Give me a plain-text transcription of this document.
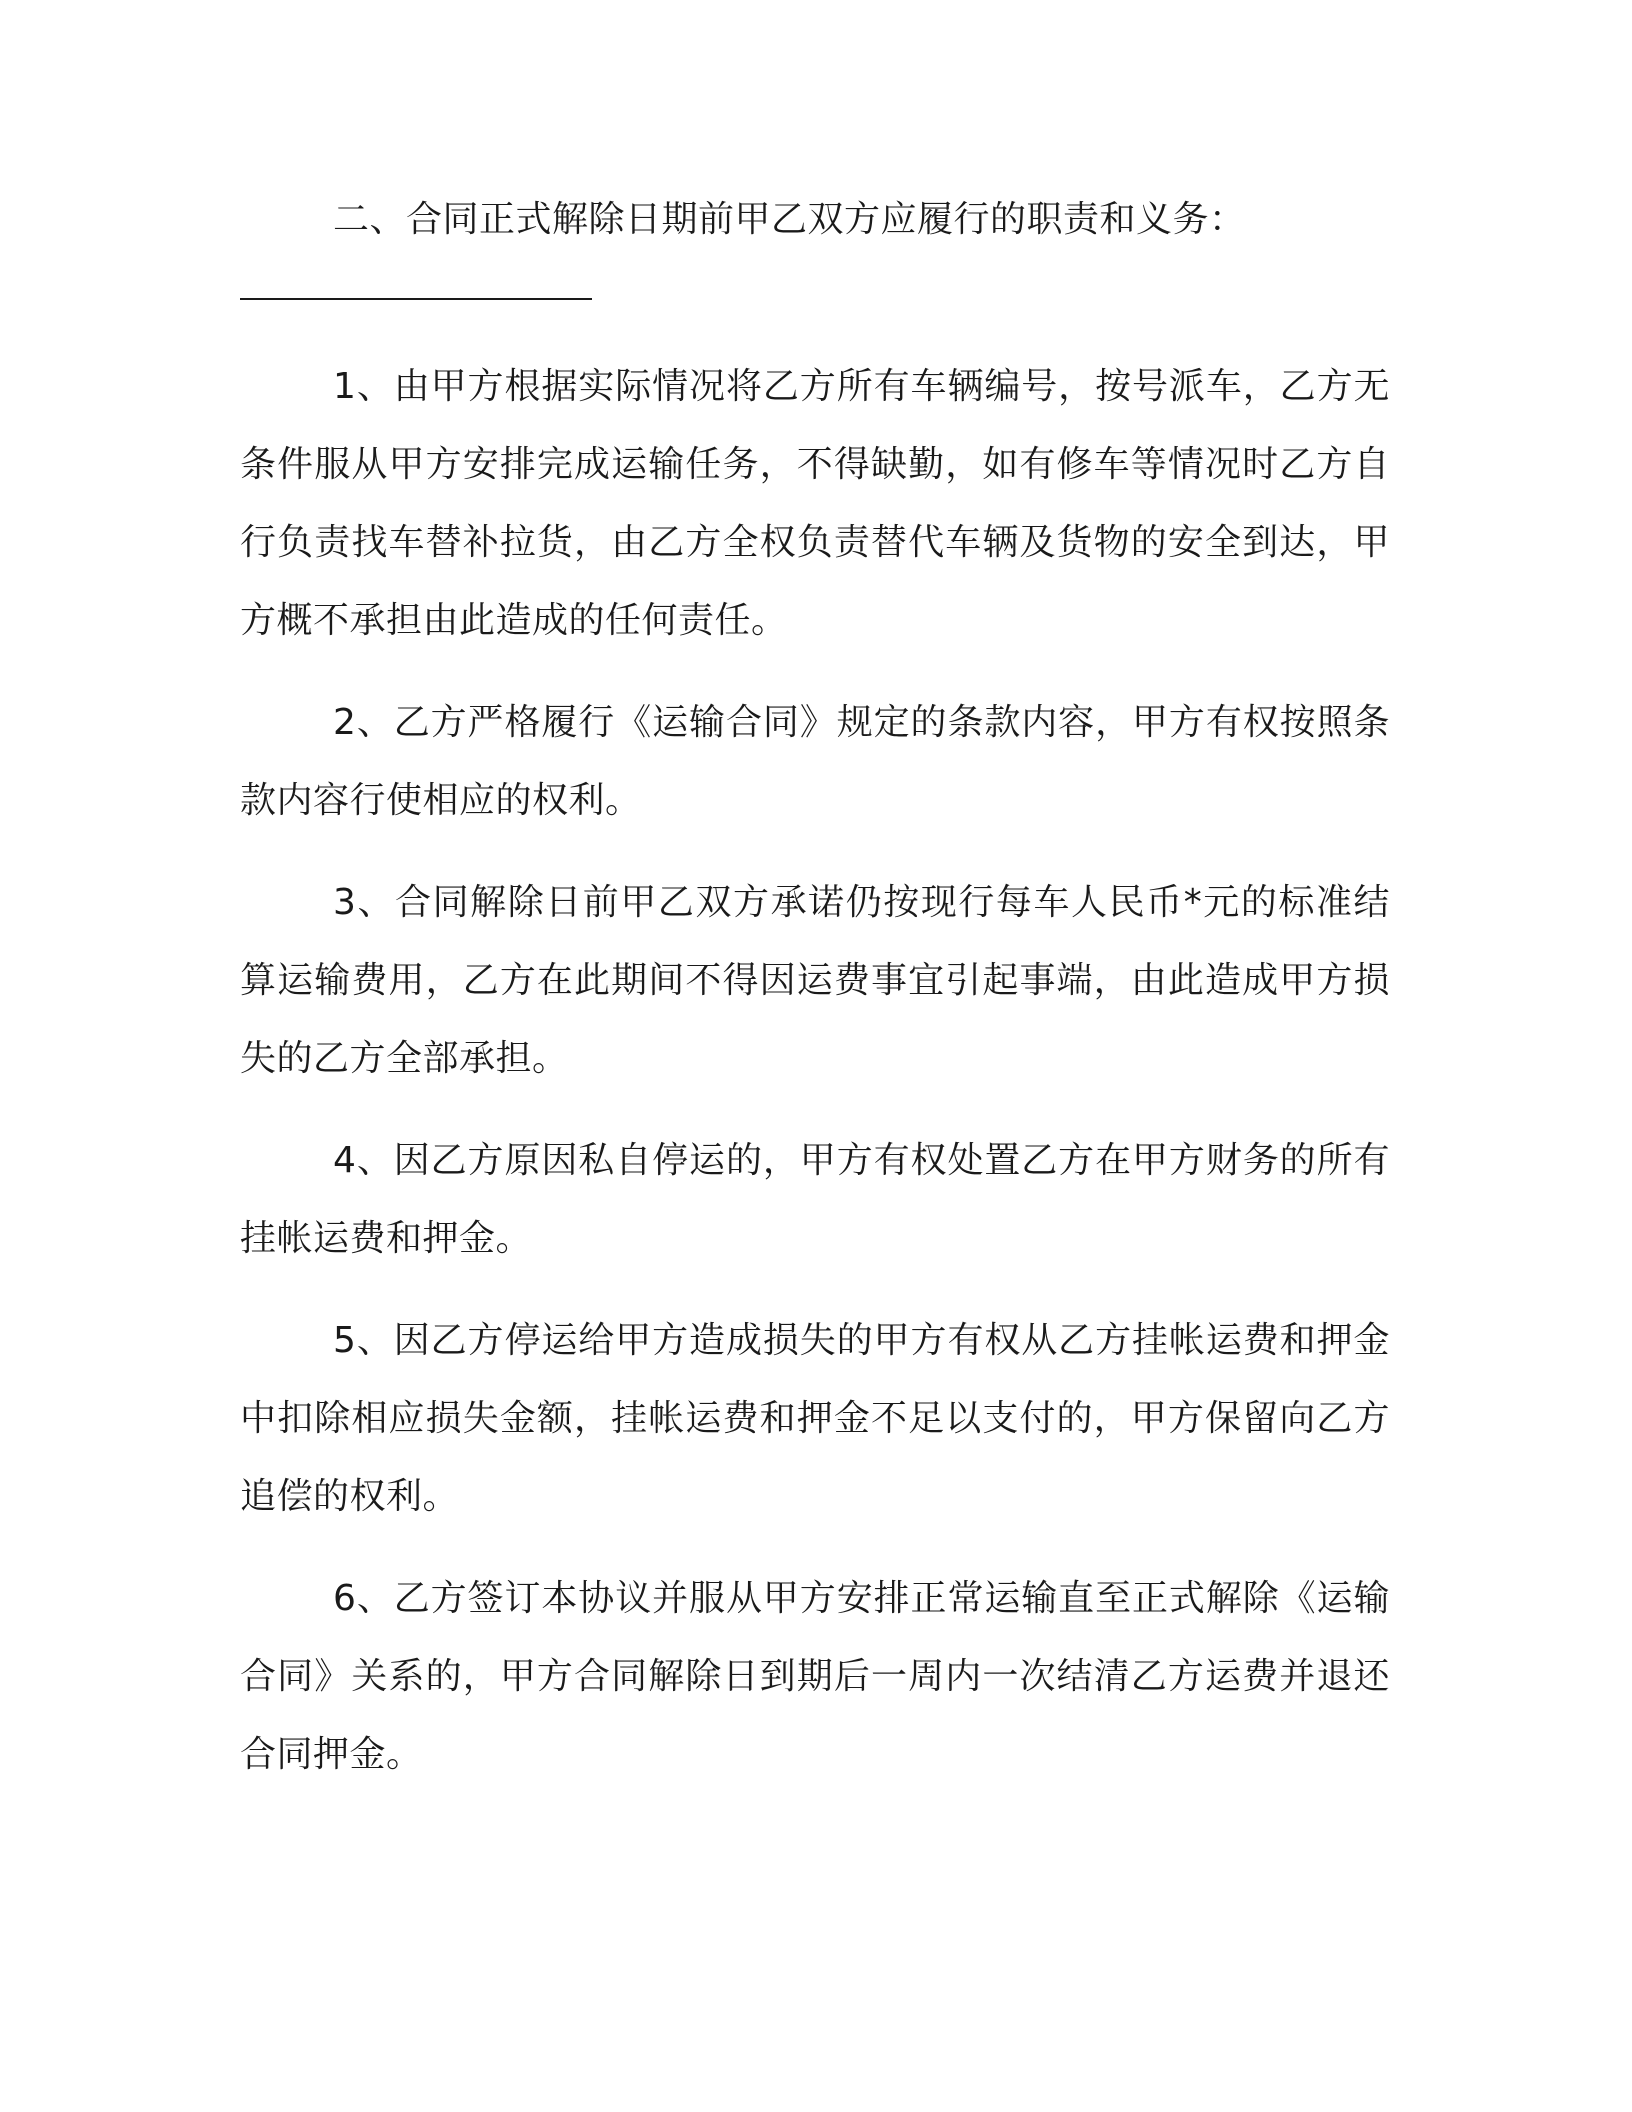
二、合同正式解除日期前甲乙双方应履行的职责和义务：

1、由甲方根据实际情况将乙方所有车辆编号，按号派车，乙方无条件服从甲方安排完成运输任务，不得缺勤，如有修车等情况时乙方自行负责找车替补拉货，由乙方全权负责替代车辆及货物的安全到达，甲方概不承担由此造成的任何责任。

2、乙方严格履行《运输合同》规定的条款内容，甲方有权按照条款内容行使相应的权利。

3、合同解除日前甲乙双方承诺仍按现行每车人民币*元的标准结算运输费用，乙方在此期间不得因运费事宜引起事端，由此造成甲方损失的乙方全部承担。

4、因乙方原因私自停运的，甲方有权处置乙方在甲方财务的所有挂帐运费和押金。

5、因乙方停运给甲方造成损失的甲方有权从乙方挂帐运费和押金中扣除相应损失金额，挂帐运费和押金不足以支付的，甲方保留向乙方追偿的权利。

6、乙方签订本协议并服从甲方安排正常运输直至正式解除《运输合同》关系的，甲方合同解除日到期后一周内一次结清乙方运费并退还合同押金。
